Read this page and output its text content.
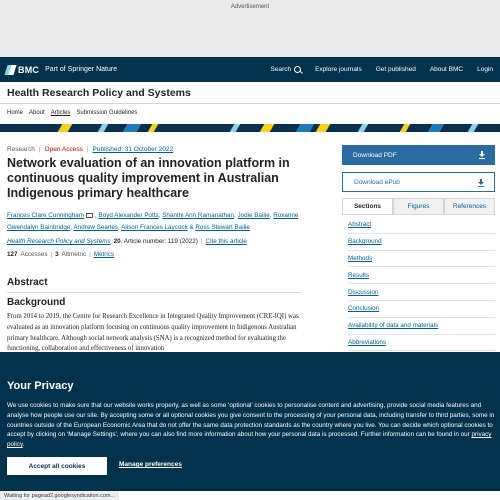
Advertisement
BMC Part of Springer Nature	Search	Explore journals	Get published	About BMC	Login
Health Research Policy and Systems
Home About Articles Submission Guidelines
Research | Open Access | Published: 31 October 2022
Network evaluation of an innovation platform in continuous quality improvement in Australian Indigenous primary healthcare
Frances Clare Cunningham , Boyd Alexander Potts, Shanthi Ann Ramanathan, Jodie Bailie, Roxanne Gwendalyn Bainbridge, Andrew Searles, Alison Frances Laycock & Ross Stewart Bailie
Health Research Policy and Systems 20, Article number: 119 (2022) | Cite this article
127 Accesses | 3 Altmetric | Metrics
Abstract
Background

From 2014 to 2019, the Centre for Research Excellence in Integrated Quality Improvement (CRE-IQI) was evaluated as an innovation platform focusing on continuous quality improvement in Indigenous Australian primary healthcare. Although social network analysis (SNA) is a recognized method for evaluating the functioning, collaboration and effectiveness of innovation

Download PDF
Download ePub
Sections	Figures	References
Abstract
Background
Methods
Results
Discussion
Conclusion
Availability of data and materials
Abbreviations
Your Privacy

We use cookies to make sure that our website works properly, as well as some ‘optional’ cookies to personalise content and advertising, provide social media features and analyse how people use our site. By accepting some or all optional cookies you give consent to the processing of your personal data, including transfer to third parties, some in countries outside of the European Economic Area that do not offer the same data protection standards as the country where you live. You can decide which optional cookies to accept by clicking on ‘Manage Settings’, where you can also find more information about how your personal data is processed. Further information can be found in our privacy policy.

Accept all cookies	Manage preferences
Waiting for pagead2.googlesyndication.com...
